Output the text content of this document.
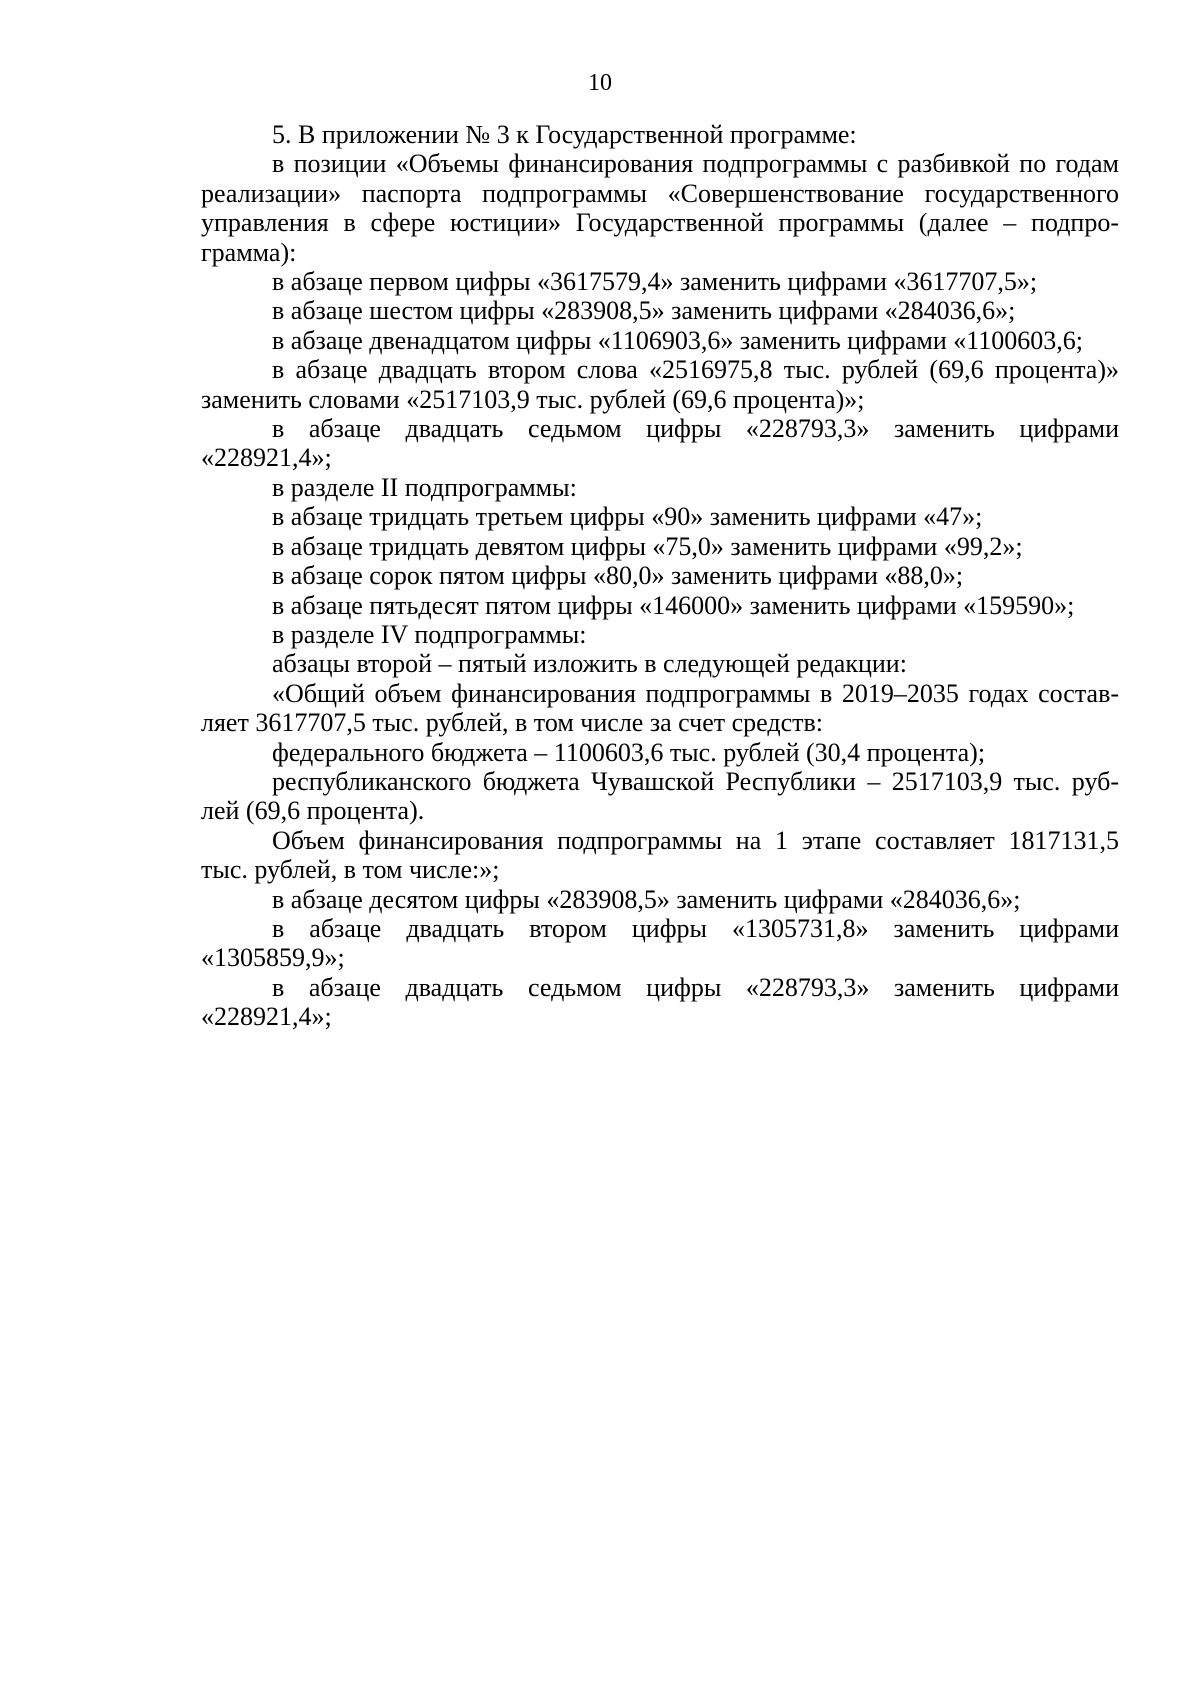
10

5. В приложении № 3 к Государственной программе:

в позиции «Объемы финансирования подпрограммы с разбивкой по годам реализации» паспорта подпрограммы «Совершенствование государственного управления в сфере юстиции» Государственной программы (далее – подпро-грамма):

в абзаце первом цифры «3617579,4» заменить цифрами «3617707,5»;

в абзаце шестом цифры «283908,5» заменить цифрами «284036,6»;

в абзаце двенадцатом цифры «1106903,6» заменить цифрами «1100603,6;

в абзаце двадцать втором слова «2516975,8 тыс. рублей (69,6 процента)» заменить словами «2517103,9 тыс. рублей (69,6 процента)»;

в абзаце двадцать седьмом цифры «228793,3» заменить цифрами «228921,4»;

в разделе II подпрограммы:

в абзаце тридцать третьем цифры «90» заменить цифрами «47»;

в абзаце тридцать девятом цифры «75,0» заменить цифрами «99,2»;

в абзаце сорок пятом цифры «80,0» заменить цифрами «88,0»;

в абзаце пятьдесят пятом цифры «146000» заменить цифрами «159590»;

в разделе IV подпрограммы:

абзацы второй – пятый изложить в следующей редакции:

«Общий объем финансирования подпрограммы в 2019–2035 годах состав-ляет 3617707,5 тыс. рублей, в том числе за счет средств:

федерального бюджета – 1100603,6 тыс. рублей (30,4 процента);

республиканского бюджета Чувашской Республики – 2517103,9 тыс. руб-лей (69,6 процента).

Объем финансирования подпрограммы на 1 этапе составляет 1817131,5 тыс. рублей, в том числе:»;

в абзаце десятом цифры «283908,5» заменить цифрами «284036,6»;

в абзаце двадцать втором цифры «1305731,8» заменить цифрами «1305859,9»;

в абзаце двадцать седьмом цифры «228793,3» заменить цифрами «228921,4»;
